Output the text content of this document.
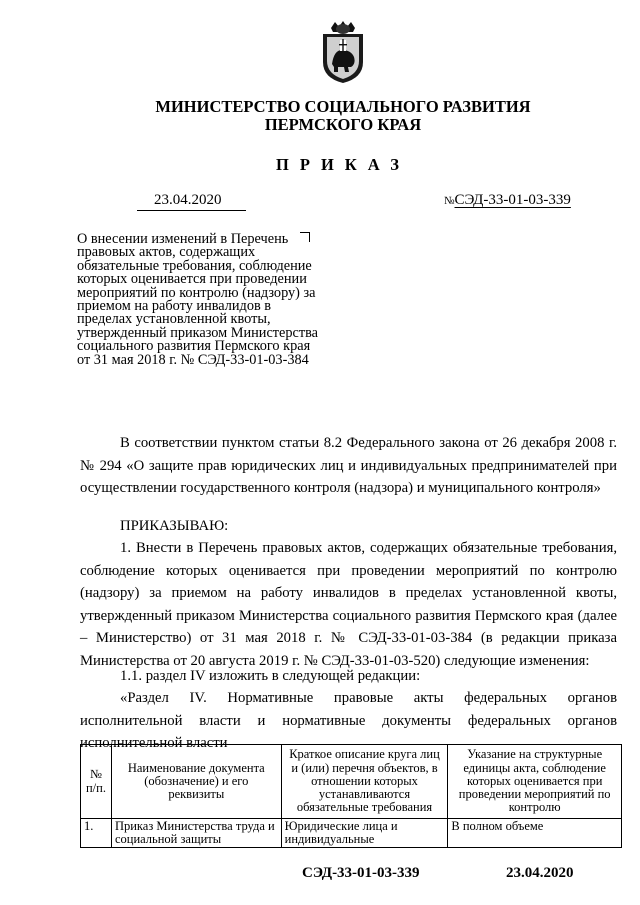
МИНИСТЕРСТВО СОЦИАЛЬНОГО РАЗВИТИЯ
ПЕРМСКОГО КРАЯ
ПРИКАЗ
23.04.2020	№СЭД-33-01-03-339
О внесении изменений в Перечень правовых актов, содержащих обязательные требования, соблюдение которых оценивается при проведении мероприятий по контролю (надзору) за приемом на работу инвалидов в пределах установленной квоты, утвержденный приказом Министерства социального развития Пермского края от 31 мая 2018 г. № СЭД-33-01-03-384
В соответствии пунктом статьи 8.2 Федерального закона от 26 декабря 2008 г. № 294 «О защите прав юридических лиц и индивидуальных предпринимателей при осуществлении государственного контроля (надзора) и муниципального контроля»
ПРИКАЗЫВАЮ:
1. Внести в Перечень правовых актов, содержащих обязательные требования, соблюдение которых оценивается при проведении мероприятий по контролю (надзору) за приемом на работу инвалидов в пределах установленной квоты, утвержденный приказом Министерства социального развития Пермского края (далее – Министерство) от 31 мая 2018 г. № СЭД-33-01-03-384 (в редакции приказа Министерства от 20 августа 2019 г. № СЭД-33-01-03-520) следующие изменения:
1.1. раздел IV изложить в следующей редакции:
«Раздел IV. Нормативные правовые акты федеральных органов исполнительной власти и нормативные документы федеральных органов исполнительной власти
№ п/п.	Наименование документа (обозначение) и его реквизиты	Краткое описание круга лиц и (или) перечня объектов, в отношении которых устанавливаются обязательные требования	Указание на структурные единицы акта, соблюдение которых оценивается при проведении мероприятий по контролю
1.	Приказ Министерства труда и социальной защиты	Юридические лица и индивидуальные	В полном объеме
СЭД-33-01-03-339	23.04.2020
